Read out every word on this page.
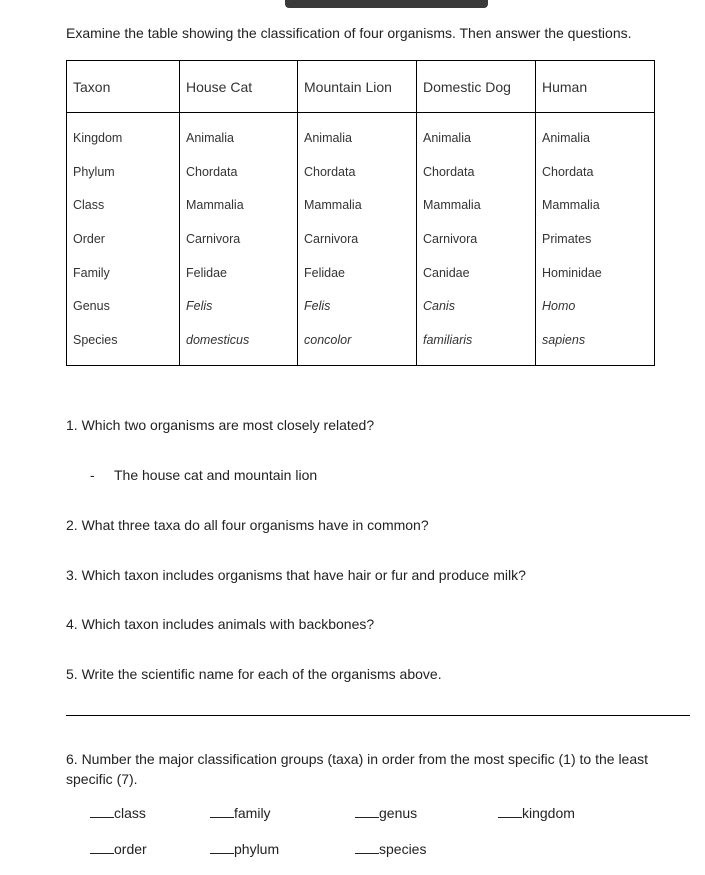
Examine the table showing the classification of four organisms. Then answer the questions.
Taxon	House Cat	Mountain Lion	Domestic Dog	Human
Kingdom	Animalia	Animalia	Animalia	Animalia
Phylum	Chordata	Chordata	Chordata	Chordata
Class	Mammalia	Mammalia	Mammalia	Mammalia
Order	Carnivora	Carnivora	Carnivora	Primates
Family	Felidae	Felidae	Canidae	Hominidae
Genus	Felis	Felis	Canis	Homo
Species	domesticus	concolor	familiaris	sapiens
1. Which two organisms are most closely related?
- The house cat and mountain lion
2. What three taxa do all four organisms have in common?
3. Which taxon includes organisms that have hair or fur and produce milk?
4. Which taxon includes animals with backbones?
5. Write the scientific name for each of the organisms above.
6. Number the major classification groups (taxa) in order from the most specific (1) to the least specific (7).
class	family	genus	kingdom
order	phylum	species
